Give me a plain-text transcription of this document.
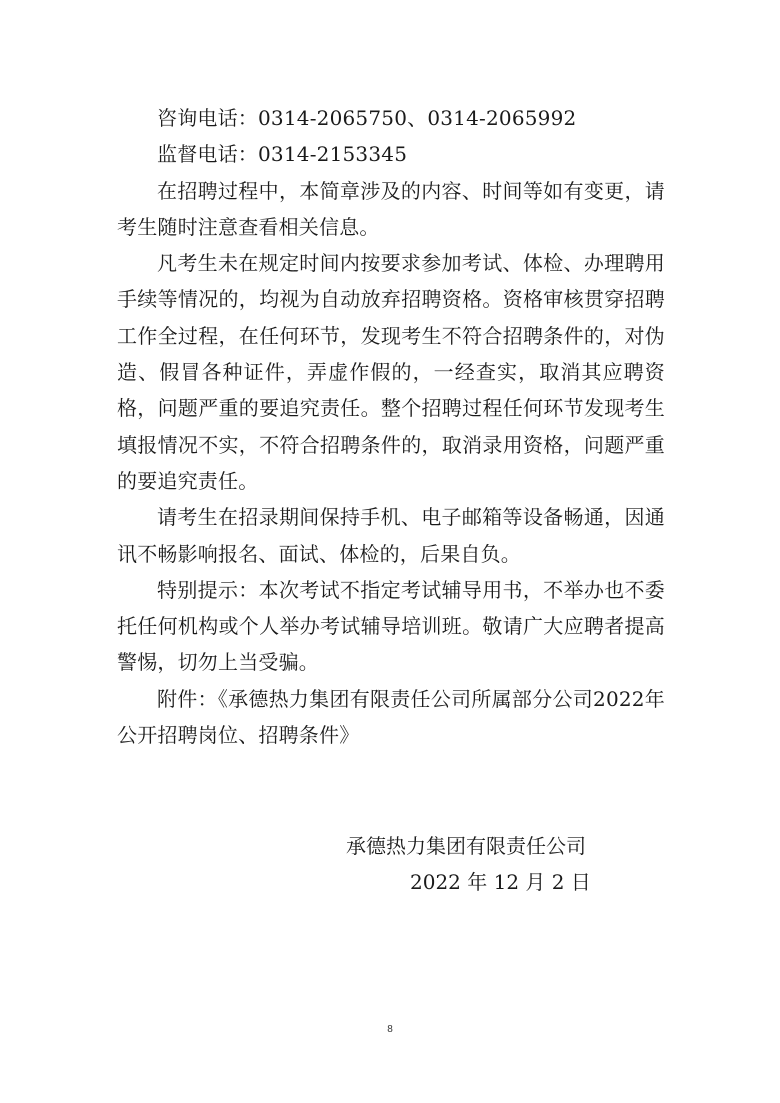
咨询电话：0314-2065750、0314-2065992

监督电话：0314-2153345

在招聘过程中，本简章涉及的内容、时间等如有变更，请考生随时注意查看相关信息。

凡考生未在规定时间内按要求参加考试、体检、办理聘用手续等情况的，均视为自动放弃招聘资格。资格审核贯穿招聘工作全过程，在任何环节，发现考生不符合招聘条件的，对伪造、假冒各种证件，弄虚作假的，一经查实，取消其应聘资格，问题严重的要追究责任。整个招聘过程任何环节发现考生填报情况不实，不符合招聘条件的，取消录用资格，问题严重的要追究责任。

请考生在招录期间保持手机、电子邮箱等设备畅通，因通讯不畅影响报名、面试、体检的，后果自负。

特别提示：本次考试不指定考试辅导用书，不举办也不委托任何机构或个人举办考试辅导培训班。敬请广大应聘者提高警惕，切勿上当受骗。

附件：《承德热力集团有限责任公司所属部分公司2022年公开招聘岗位、招聘条件》

承德热力集团有限责任公司
2022 年 12 月 2 日
8
